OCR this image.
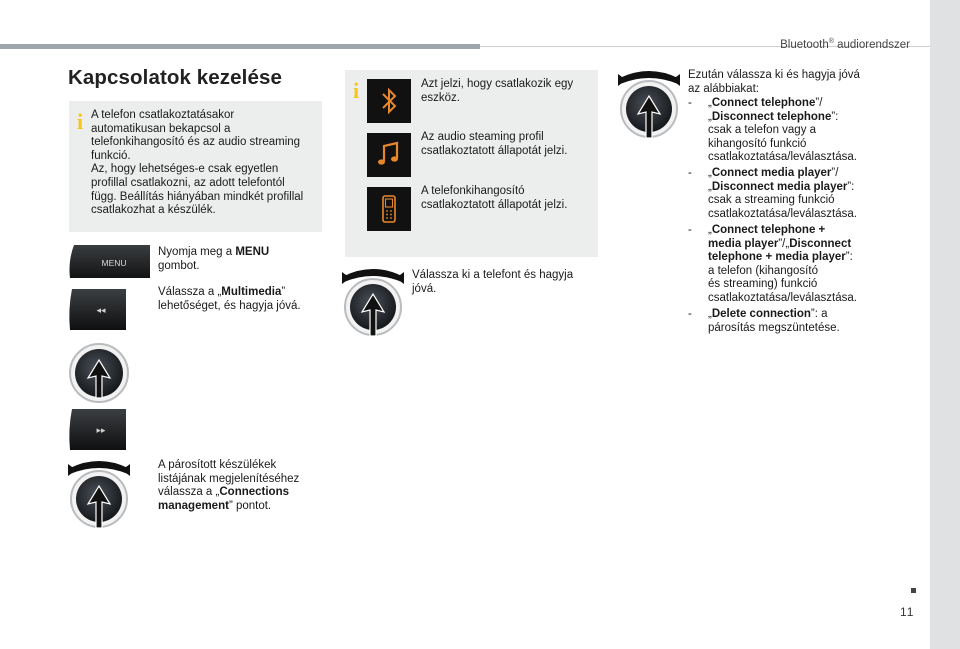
Bluetooth® audiorendszer
Kapcsolatok kezelése
i A telefon csatlakoztatásakor
automatikusan bekapcsol a
telefonkihangosító és az audio streaming
funkció.
Az, hogy lehetséges-e csak egyetlen
profillal csatlakozni, az adott telefontól
függ. Beállítás hiányában mindkét profillal
csatlakozhat a készülék.
MENU
Nyomja meg a MENU
gombot.
◂◂
Válassza a „Multimedia”
lehetőséget, és hagyja jóvá.
▸▸
A párosított készülékek
listájának megjelenítéséhez
válassza a „Connections
management” pontot.
i	Azt jelzi, hogy csatlakozik egy
eszköz.
Az audio steaming profil
csatlakoztatott állapotát jelzi.
A telefonkihangosító
csatlakoztatott állapotát jelzi.
Válassza ki a telefont és hagyja
jóvá.
Ezután válassza ki és hagyja jóvá
az alábbiakat:
- „Connect telephone”/
„Disconnect telephone”:
csak a telefon vagy a
kihangosító funkció
csatlakoztatása/leválasztása.
- „Connect media player”/
„Disconnect media player”:
csak a streaming funkció
csatlakoztatása/leválasztása.
- „Connect telephone +
media player”/„Disconnect
telephone + media player”:
a telefon (kihangosító
és streaming) funkció
csatlakoztatása/leválasztása.
- „Delete connection”: a
párosítás megszüntetése.
11
